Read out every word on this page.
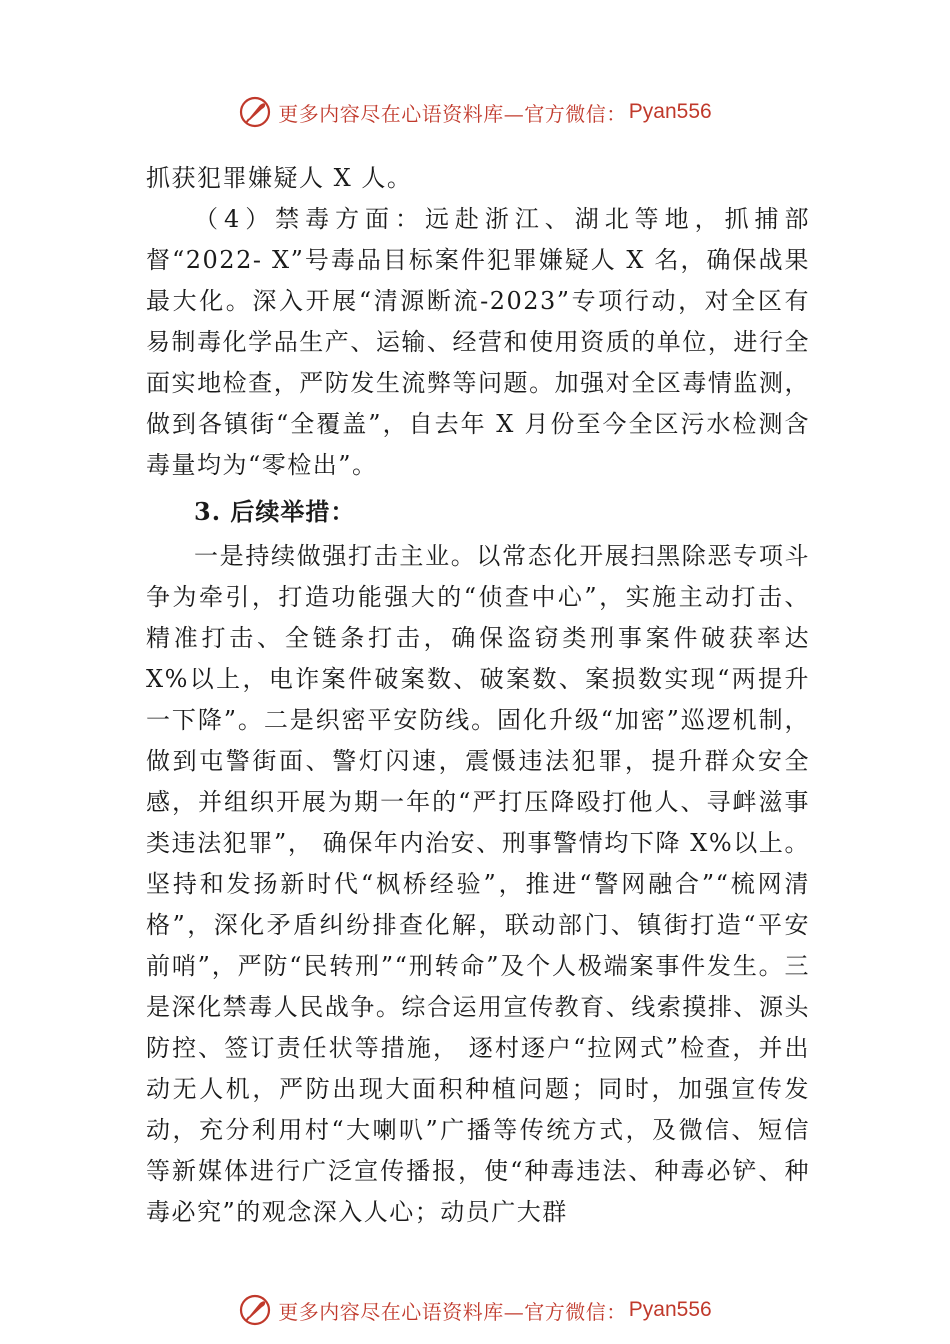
更多内容尽在心语资料库—官方微信： Pyan556

抓获犯罪嫌疑人 X 人。

（4）禁毒方面：远赴浙江、湖北等地，抓捕部督“2022- X”号毒品目标案件犯罪嫌疑人 X 名，确保战果最大化。深入开展“清源断流-2023”专项行动，对全区有易制毒化学品生产、运输、经营和使用资质的单位，进行全面实地检查，严防发生流弊等问题。加强对全区毒情监测，做到各镇街“全覆盖”，自去年 X 月份至今全区污水检测含毒量均为“零检出”。

3. 后续举措：

一是持续做强打击主业。以常态化开展扫黑除恶专项斗争为牵引，打造功能强大的“侦查中心”，实施主动打击、精准打击、全链条打击，确保盗窃类刑事案件破获率达 X%以上，电诈案件破案数、破案数、案损数实现“两提升一下降”。二是织密平安防线。固化升级“加密”巡逻机制，做到屯警街面、警灯闪速，震慑违法犯罪，提升群众安全感，并组织开展为期一年的“严打压降殴打他人、寻衅滋事类违法犯罪”， 确保年内治安、刑事警情均下降 X%以上。坚持和发扬新时代“枫桥经验”，推进“警网融合”“梳网清格”，深化矛盾纠纷排查化解，联动部门、镇街打造“平安前哨”，严防“民转刑”“刑转命”及个人极端案事件发生。三是深化禁毒人民战争。综合运用宣传教育、线索摸排、源头防控、签订责任状等措施， 逐村逐户“拉网式”检查，并出动无人机，严防出现大面积种植问题；同时，加强宣传发动，充分利用村“大喇叭”广播等传统方式，及微信、短信等新媒体进行广泛宣传播报，使“种毒违法、种毒必铲、种毒必究”的观念深入人心；动员广大群

更多内容尽在心语资料库—官方微信： Pyan556
